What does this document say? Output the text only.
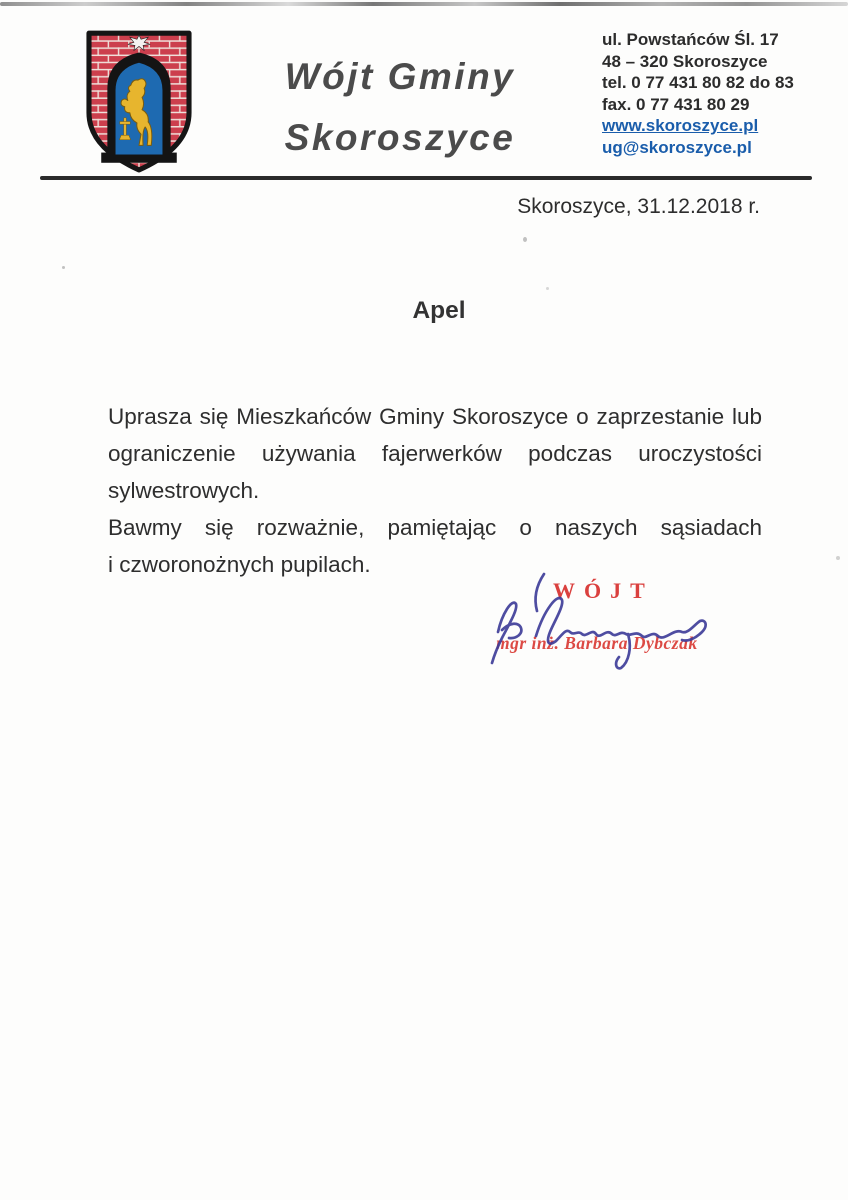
Wójt Gminy
Skoroszyce
ul. Powstańców Śl. 17
48 – 320 Skoroszyce
tel. 0 77 431 80 82 do 83
fax. 0 77 431 80 29
www.skoroszyce.pl
ug@skoroszyce.pl
Skoroszyce, 31.12.2018 r.
Apel
Uprasza się Mieszkańców Gminy Skoroszyce o zaprzestanie lub
ograniczenie używania fajerwerków podczas uroczystości
sylwestrowych.
Bawmy się rozważnie, pamiętając o naszych sąsiadach
i czworonożnych pupilach.
WÓJT
mgr inż. Barbara Dybczak
